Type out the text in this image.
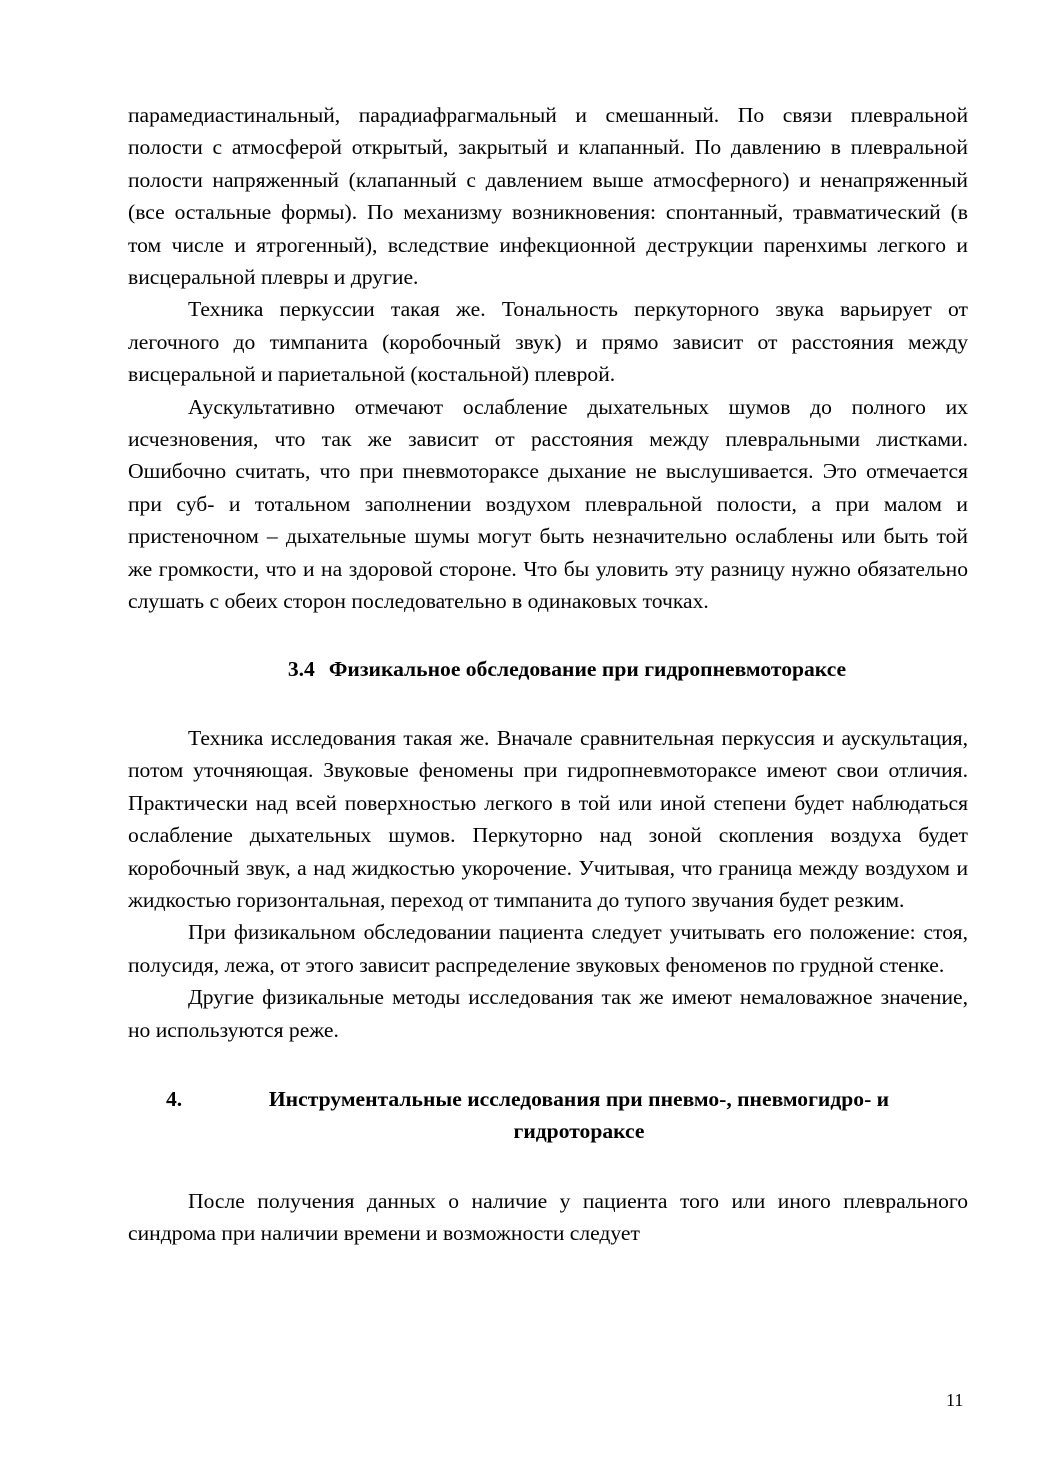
парамедиастинальный, парадиафрагмальный и смешанный. По связи плевральной полости с атмосферой открытый, закрытый и клапанный. По давлению в плевральной полости напряженный (клапанный с давлением выше атмосферного) и ненапряженный (все остальные формы). По механизму возникновения: спонтанный, травматический (в том числе и ятрогенный), вследствие инфекционной деструкции паренхимы легкого и висцеральной плевры и другие.

Техника перкуссии такая же. Тональность перкуторного звука варьирует от легочного до тимпанита (коробочный звук) и прямо зависит от расстояния между висцеральной и париетальной (костальной) плеврой.

Аускультативно отмечают ослабление дыхательных шумов до полного их исчезновения, что так же зависит от расстояния между плевральными листками. Ошибочно считать, что при пневмотораксе дыхание не выслушивается. Это отмечается при суб- и тотальном заполнении воздухом плевральной полости, а при малом и пристеночном – дыхательные шумы могут быть незначительно ослаблены или быть той же громкости, что и на здоровой стороне. Что бы уловить эту разницу нужно обязательно слушать с обеих сторон последовательно в одинаковых точках.

3.4 Физикальное обследование при гидропневмотораксе

Техника исследования такая же. Вначале сравнительная перкуссия и аускультация, потом уточняющая. Звуковые феномены при гидропневмотораксе имеют свои отличия. Практически над всей поверхностью легкого в той или иной степени будет наблюдаться ослабление дыхательных шумов. Перкуторно над зоной скопления воздуха будет коробочный звук, а над жидкостью укорочение. Учитывая, что граница между воздухом и жидкостью горизонтальная, переход от тимпанита до тупого звучания будет резким.

При физикальном обследовании пациента следует учитывать его положение: стоя, полусидя, лежа, от этого зависит распределение звуковых феноменов по грудной стенке.

Другие физикальные методы исследования так же имеют немаловажное значение, но используются реже.

4.	Инструментальные исследования при пневмо-, пневмогидро- и гидротораксе

После получения данных о наличие у пациента того или иного плеврального синдрома при наличии времени и возможности следует

11
